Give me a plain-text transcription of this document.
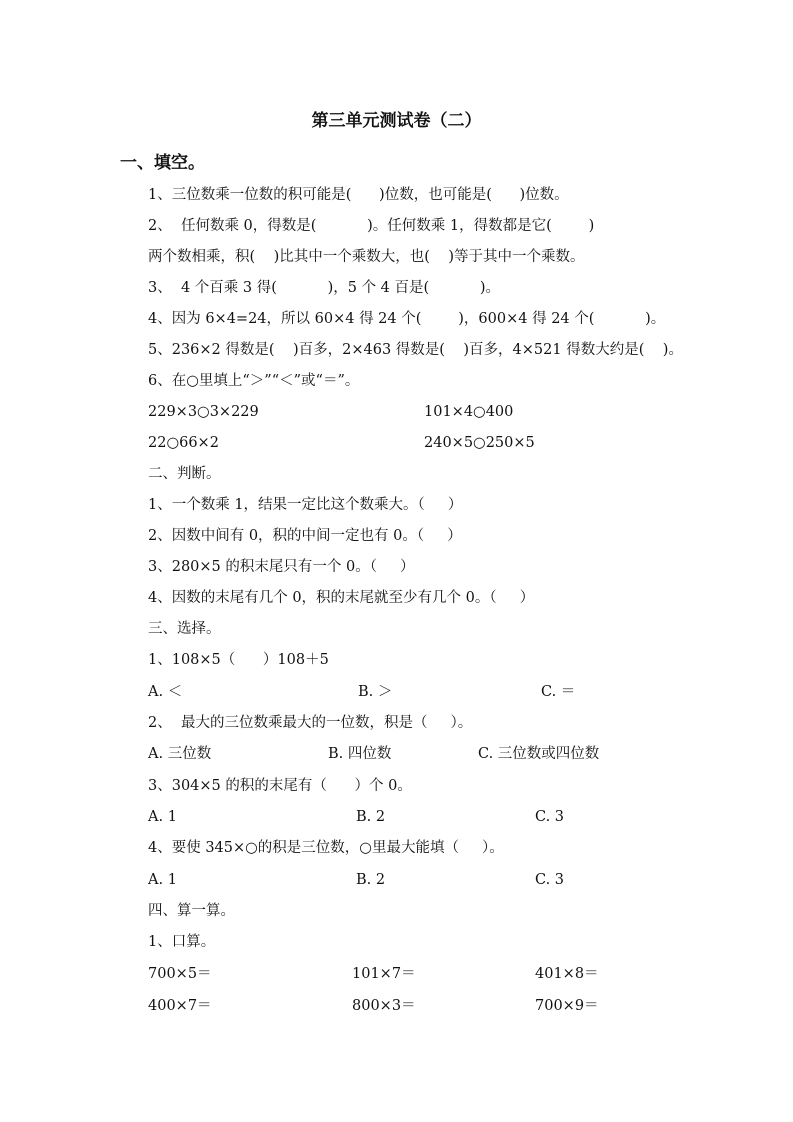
第三单元测试卷（二）
一、填空。
1、三位数乘一位数的积可能是(      )位数，也可能是(      )位数。
2、  任何数乘 0，得数是(           )。任何数乘 1，得数都是它(        )
两个数相乘，积(    )比其中一个乘数大，也(    )等于其中一个乘数。
3、  4 个百乘 3 得(           )，5 个 4 百是(           )。
4、因为 6×4=24，所以 60×4 得 24 个(        )，600×4 得 24 个(           )。
5、236×2 得数是(    )百多，2×463 得数是(    )百多，4×521 得数大约是(    )。
6、在○里填上“＞”“＜”或“＝”。
229×3○3×229	101×4○400
22○66×2	240×5○250×5
二、判断。
1、一个数乘 1，结果一定比这个数乘大。（     ）
2、因数中间有 0，积的中间一定也有 0。（     ）
3、280×5 的积末尾只有一个 0。（     ）
4、因数的末尾有几个 0，积的末尾就至少有几个 0。（     ）
三、选择。
1、108×5（      ）108＋5
A. ＜	B. ＞	C. ＝
2、  最大的三位数乘最大的一位数，积是（     ）。
A. 三位数	B. 四位数	C. 三位数或四位数
3、304×5 的积的末尾有（      ）个 0。
A. 1	B. 2	C. 3
4、要使 345×○的积是三位数，○里最大能填（     ）。
A. 1	B. 2	C. 3
四、算一算。
1、口算。
700×5＝	101×7＝	401×8＝
400×7＝	800×3＝	700×9＝
